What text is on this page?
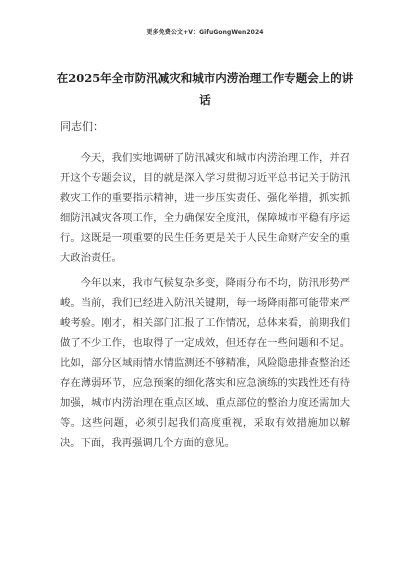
更多免费公文+V：GifuGongWen2024
在2025年全市防汛减灾和城市内涝治理工作专题会上的讲话
同志们：

今天，我们实地调研了防汛减灾和城市内涝治理工作，并召开这个专题会议，目的就是深入学习贯彻习近平总书记关于防汛救灾工作的重要指示精神，进一步压实责任、强化举措，抓实抓细防汛减灾各项工作，全力确保安全度汛，保障城市平稳有序运行。这既是一项重要的民生任务更是关于人民生命财产安全的重大政治责任。

今年以来，我市气候复杂多变，降雨分布不均，防汛形势严峻。当前，我们已经进入防汛关键期，每一场降雨都可能带来严峻考验。刚才，相关部门汇报了工作情况，总体来看，前期我们做了不少工作，也取得了一定成效，但还存在一些问题和不足。比如，部分区域雨情水情监测还不够精准，风险隐患排查整治还存在薄弱环节，应急预案的细化落实和应急演练的实践性还有待加强，城市内涝治理在重点区域、重点部位的整治力度还需加大等。这些问题，必须引起我们高度重视，采取有效措施加以解决。下面，我再强调几个方面的意见。
